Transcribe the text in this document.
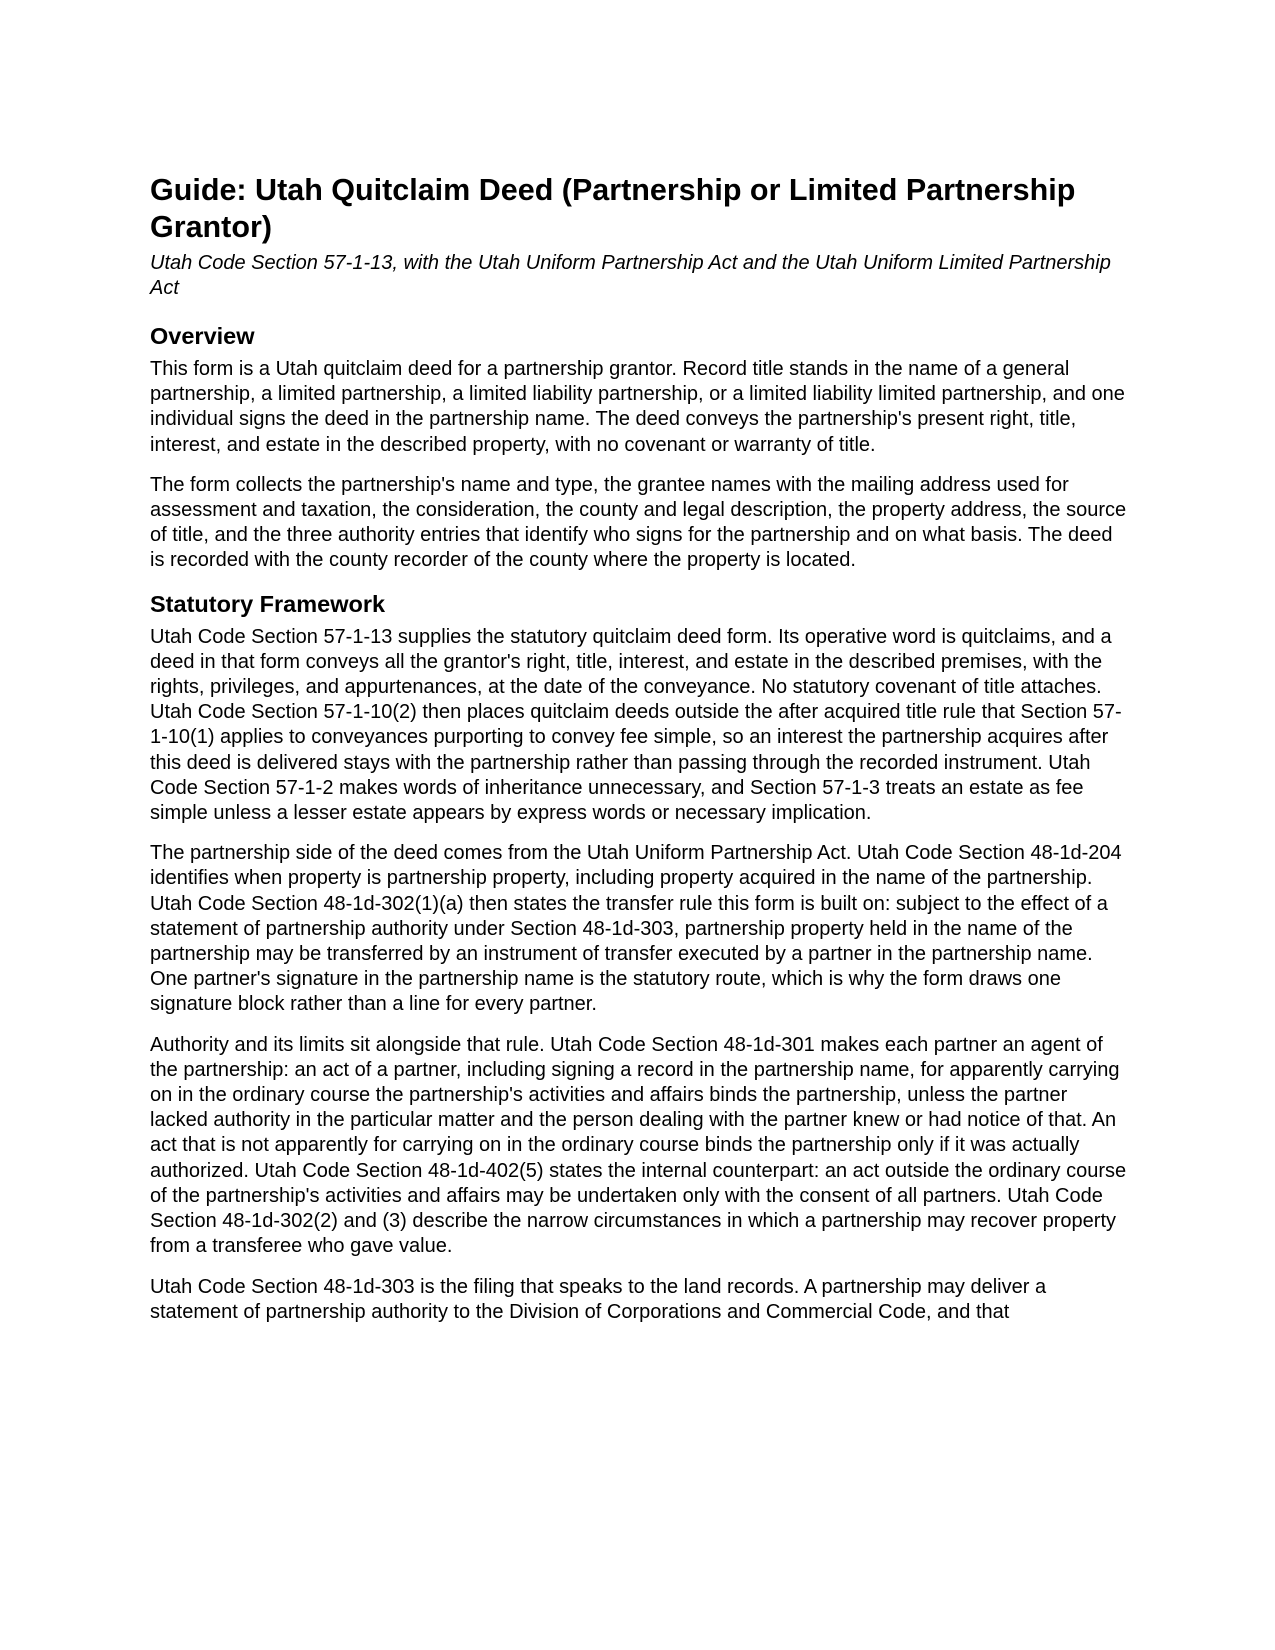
Guide: Utah Quitclaim Deed (Partnership or Limited Partnership Grantor)
Utah Code Section 57-1-13, with the Utah Uniform Partnership Act and the Utah Uniform Limited Partnership Act
Overview

This form is a Utah quitclaim deed for a partnership grantor. Record title stands in the name of a general partnership, a limited partnership, a limited liability partnership, or a limited liability limited partnership, and one individual signs the deed in the partnership name. The deed conveys the partnership's present right, title, interest, and estate in the described property, with no covenant or warranty of title.

The form collects the partnership's name and type, the grantee names with the mailing address used for assessment and taxation, the consideration, the county and legal description, the property address, the source of title, and the three authority entries that identify who signs for the partnership and on what basis. The deed is recorded with the county recorder of the county where the property is located.

Statutory Framework

Utah Code Section 57-1-13 supplies the statutory quitclaim deed form. Its operative word is quitclaims, and a deed in that form conveys all the grantor's right, title, interest, and estate in the described premises, with the rights, privileges, and appurtenances, at the date of the conveyance. No statutory covenant of title attaches. Utah Code Section 57-1-10(2) then places quitclaim deeds outside the after acquired title rule that Section 57-1-10(1) applies to conveyances purporting to convey fee simple, so an interest the partnership acquires after this deed is delivered stays with the partnership rather than passing through the recorded instrument. Utah Code Section 57-1-2 makes words of inheritance unnecessary, and Section 57-1-3 treats an estate as fee simple unless a lesser estate appears by express words or necessary implication.

The partnership side of the deed comes from the Utah Uniform Partnership Act. Utah Code Section 48-1d-204 identifies when property is partnership property, including property acquired in the name of the partnership. Utah Code Section 48-1d-302(1)(a) then states the transfer rule this form is built on: subject to the effect of a statement of partnership authority under Section 48-1d-303, partnership property held in the name of the partnership may be transferred by an instrument of transfer executed by a partner in the partnership name. One partner's signature in the partnership name is the statutory route, which is why the form draws one signature block rather than a line for every partner.

Authority and its limits sit alongside that rule. Utah Code Section 48-1d-301 makes each partner an agent of the partnership: an act of a partner, including signing a record in the partnership name, for apparently carrying on in the ordinary course the partnership's activities and affairs binds the partnership, unless the partner lacked authority in the particular matter and the person dealing with the partner knew or had notice of that. An act that is not apparently for carrying on in the ordinary course binds the partnership only if it was actually authorized. Utah Code Section 48-1d-402(5) states the internal counterpart: an act outside the ordinary course of the partnership's activities and affairs may be undertaken only with the consent of all partners. Utah Code Section 48-1d-302(2) and (3) describe the narrow circumstances in which a partnership may recover property from a transferee who gave value.

Utah Code Section 48-1d-303 is the filing that speaks to the land records. A partnership may deliver a statement of partnership authority to the Division of Corporations and Commercial Code, and that
